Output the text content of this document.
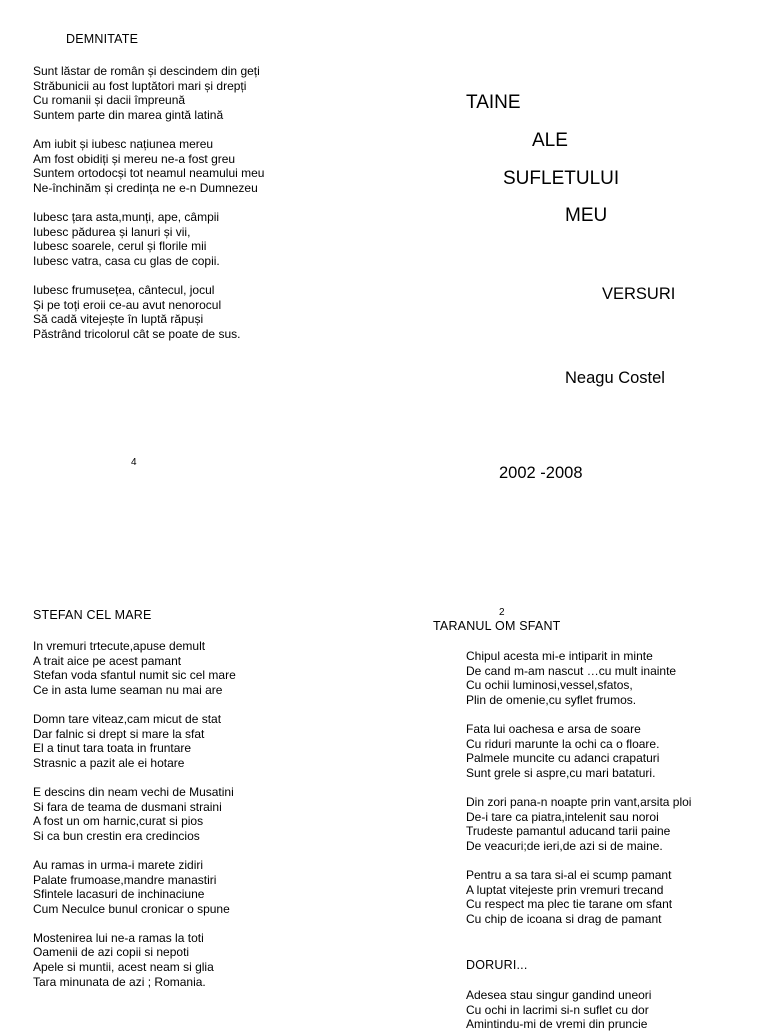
DEMNITATE
Sunt lăstar de român și descindem din geți
Străbunicii au fost luptători mari și drepți
Cu romanii și dacii împreună
Suntem parte din marea gintă latină
Am iubit și iubesc națiunea mereu
Am fost obidiți și mereu ne-a fost greu
Suntem ortodocși tot neamul neamului meu
Ne-închinăm și credința ne e-n Dumnezeu
Iubesc țara asta,munți, ape, câmpii
Iubesc pădurea și lanuri și vii,
Iubesc soarele, cerul și florile mii
Iubesc vatra, casa cu glas de copii.
Iubesc frumusețea, cântecul, jocul
Și pe toți eroii ce-au avut nenorocul
Să cadă vitejește în luptă răpuși
Păstrând tricolorul cât se poate de sus.
4
TAINE
ALE
SUFLETULUI
MEU
VERSURI
Neagu Costel
2002 -2008
STEFAN CEL MARE
In vremuri trtecute,apuse demult
A trait aice pe acest pamant
Stefan voda sfantul numit sic cel mare
Ce in asta lume seaman nu mai are
Domn tare viteaz,cam micut de stat
Dar falnic si drept si mare la sfat
El a tinut tara toata in fruntare
Strasnic a pazit ale ei hotare
E descins din neam vechi de Musatini
Si fara de teama de dusmani straini
A fost un om harnic,curat si pios
Si ca bun crestin era credincios
Au ramas in urma-i marete zidiri
Palate frumoase,mandre manastiri
Sfintele lacasuri de inchinaciune
Cum Neculce bunul cronicar o spune
Mostenirea lui ne-a ramas la toti
Oamenii de azi copii si nepoti
Apele si muntii, acest neam si glia
Tara minunata de azi ; Romania.
2
TARANUL OM SFANT
Chipul acesta mi-e intiparit in minte
De cand m-am nascut …cu mult inainte
Cu ochii luminosi,vessel,sfatos,
Plin de omenie,cu syflet frumos.
Fata lui oachesa e arsa de soare
Cu riduri marunte la ochi ca o floare.
Palmele muncite cu adanci crapaturi
Sunt grele si aspre,cu mari bataturi.
Din zori pana-n noapte prin vant,arsita ploi
De-i tare ca piatra,intelenit sau noroi
Trudeste pamantul aducand tarii paine
De veacuri;de ieri,de azi si de maine.
Pentru a sa tara si-al ei scump pamant
A luptat vitejeste prin vremuri trecand
Cu respect ma plec tie tarane om sfant
Cu chip de icoana si drag de pamant
DORURI...
Adesea stau singur gandind uneori
Cu ochi in lacrimi si-n suflet cu dor
Amintindu-mi de vremi din pruncie
